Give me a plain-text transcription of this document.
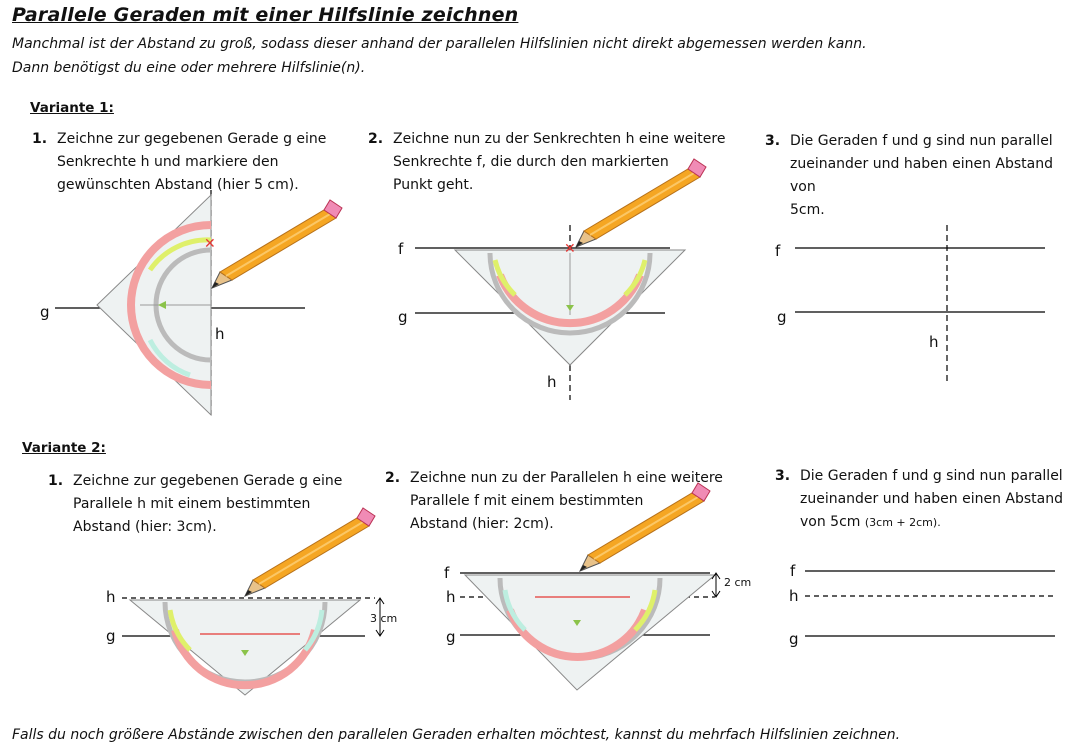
Parallele Geraden mit einer Hilfslinie zeichnen
Manchmal ist der Abstand zu groß, sodass dieser anhand der parallelen Hilfslinien nicht direkt abgemessen werden kann.
Dann benötigst du eine oder mehrere Hilfslinie(n).
Variante 1:
1. Zeichne zur gegebenen Gerade g eine
Senkrechte h und markiere den
gewünschten Abstand (hier 5 cm).
2. Zeichne nun zu der Senkrechten h eine weitere
Senkrechte f, die durch den markierten
Punkt geht.
3. Die Geraden f und g sind nun parallel
zueinander und haben einen Abstand von
5cm.
Variante 2:
1. Zeichne zur gegebenen Gerade g eine
Parallele h mit einem bestimmten
Abstand (hier: 3cm).
2. Zeichne nun zu der Parallelen h eine weitere
Parallele f mit einem bestimmten
Abstand (hier: 2cm).
3. Die Geraden f und g sind nun parallel
zueinander und haben einen Abstand
von 5cm (3cm + 2cm).
✕
g
h
✕
f
g
h
f
g
h
h
g
3 cm
f
h
g
2 cm
f
h
g
Falls du noch größere Abstände zwischen den parallelen Geraden erhalten möchtest, kannst du mehrfach Hilfslinien zeichnen.
